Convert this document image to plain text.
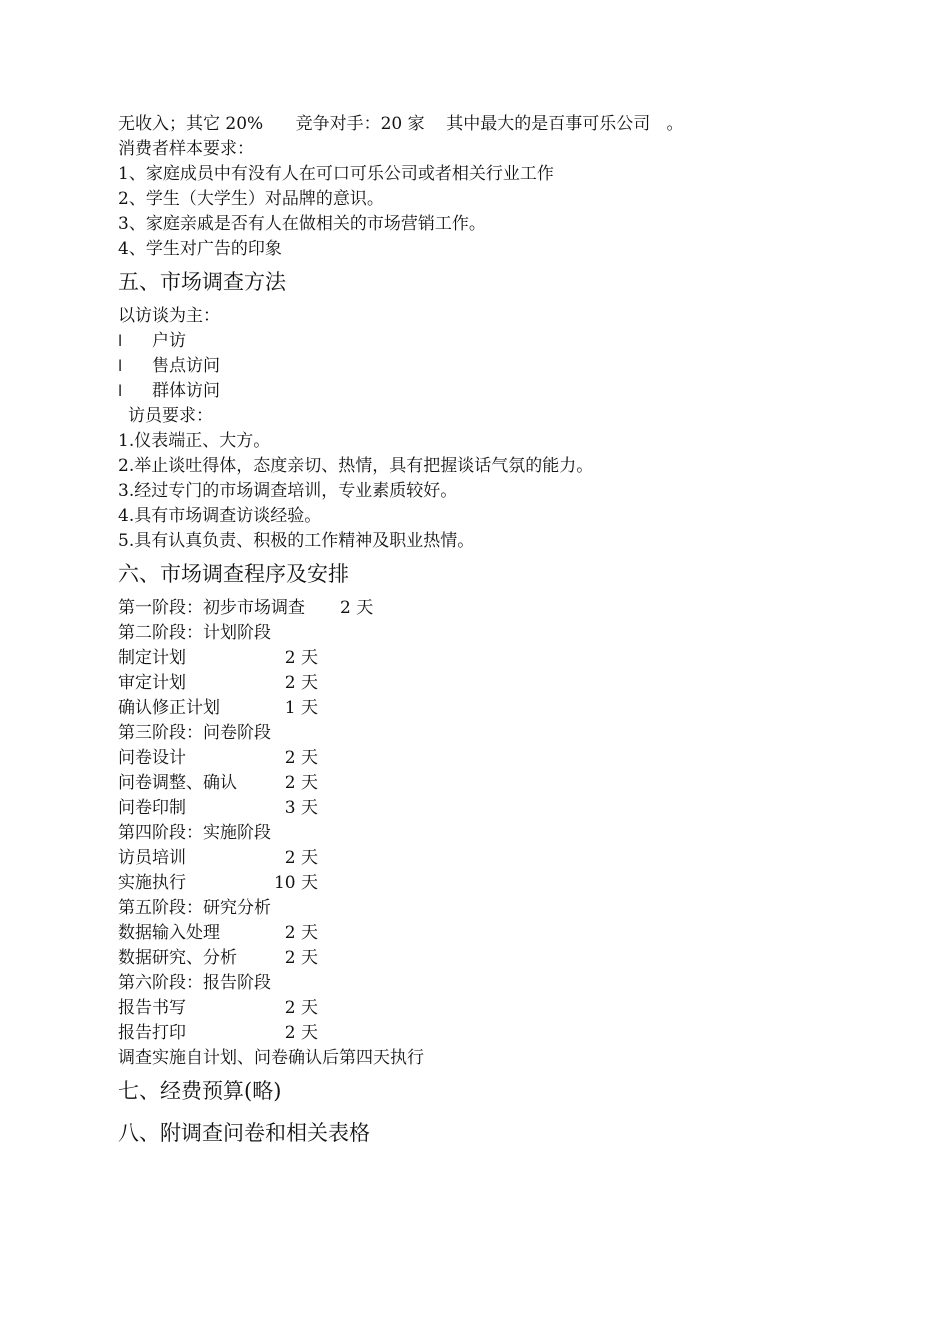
无收入；其它 20%      竞争对手：20 家    其中最大的是百事可乐公司   。
消费者样本要求：
1、家庭成员中有没有人在可口可乐公司或者相关行业工作
2、学生（大学生）对品牌的意识。
3、家庭亲戚是否有人在做相关的市场营销工作。
4、学生对广告的印象
五、市场调查方法
以访谈为主：
l	户访
l	售点访问
l	群体访问
访员要求：
1.仪表端正、大方。
2.举止谈吐得体，态度亲切、热情，具有把握谈话气氛的能力。
3.经过专门的市场调查培训，专业素质较好。
4.具有市场调查访谈经验。
5.具有认真负责、积极的工作精神及职业热情。
六、市场调查程序及安排
第一阶段：初步市场调查	2 天
第二阶段：计划阶段
制定计划	2 天
审定计划	2 天
确认修正计划	1 天
第三阶段：问卷阶段
问卷设计	2 天
问卷调整、确认	2 天
问卷印制	3 天
第四阶段：实施阶段
访员培训	2 天
实施执行	10 天
第五阶段：研究分析
数据输入处理	2 天
数据研究、分析	2 天
第六阶段：报告阶段
报告书写	2 天
报告打印	2 天
调查实施自计划、问卷确认后第四天执行
七、经费预算(略)
八、附调查问卷和相关表格
